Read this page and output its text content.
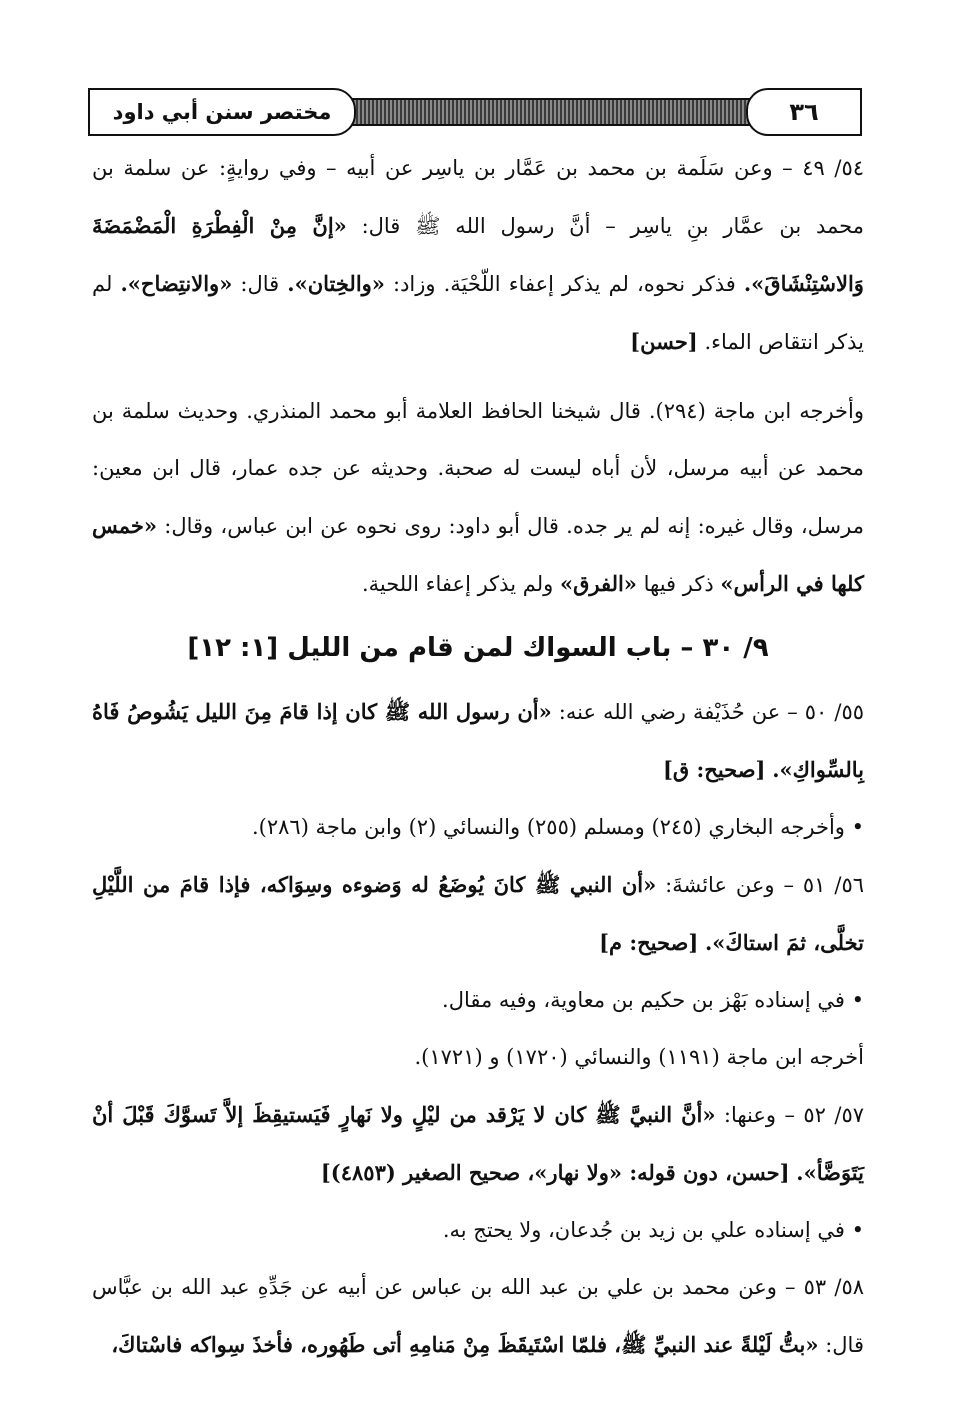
مختصر سنن أبي داود	٣٦

٥٤/ ٤٩ – وعن سَلَمة بن محمد بن عَمَّار بن ياسِر عن أبيه – وفي روايةٍ: عن سلمة بن محمد بن عمَّار بنِ ياسِر – أنَّ رسول الله ﷺ قال: «إنَّ مِنْ الْفِطْرَةِ الْمَضْمَضَةَ وَالاسْتِنْشَاقَ». فذكر نحوه، لم يذكر إعفاء اللّحْيَة. وزاد: «والخِتان». قال: «والانتِضاح». لم يذكر انتقاص الماء. [حسن]

وأخرجه ابن ماجة (٢٩٤). قال شيخنا الحافظ العلامة أبو محمد المنذري. وحديث سلمة بن محمد عن أبيه مرسل، لأن أباه ليست له صحبة. وحديثه عن جده عمار، قال ابن معين: مرسل، وقال غيره: إنه لم ير جده. قال أبو داود: روى نحوه عن ابن عباس، وقال: «خمس كلها في الرأس» ذكر فيها «الفرق» ولم يذكر إعفاء اللحية.

٩/ ٣٠ – باب السواك لمن قام من الليل [١: ١٢]

٥٥/ ٥٠ – عن حُذَيْفة رضي الله عنه: «أن رسول الله ﷺ كان إذا قامَ مِنَ الليل يَشُوصُ فَاهُ بِالسِّواكِ». [صحيح: ق]

• وأخرجه البخاري (٢٤٥) ومسلم (٢٥٥) والنسائي (٢) وابن ماجة (٢٨٦).

٥٦/ ٥١ – وعن عائشةَ: «أن النبي ﷺ كانَ يُوضَعُ له وَضوءه وسِوَاكه، فإذا قامَ من اللَّيْلِ تخلَّى، ثمَ استاكَ». [صحيح: م]

• في إسناده بَهْز بن حكيم بن معاوية، وفيه مقال.

أخرجه ابن ماجة (١١٩١) والنسائي (١٧٢٠) و (١٧٢١).

٥٧/ ٥٢ – وعنها: «أنَّ النبيَّ ﷺ كان لا يَرْقد من ليْلٍ ولا نَهارٍ فَيَستيقِظَ إلاَّ تَسوَّكَ قَبْلَ أنْ يَتَوَضَّأ». [حسن، دون قوله: «ولا نهار»، صحيح الصغير (٤٨٥٣)]

• في إسناده علي بن زيد بن جُدعان، ولا يحتج به.

٥٨/ ٥٣ – وعن محمد بن علي بن عبد الله بن عباس عن أبيه عن جَدِّهِ عبد الله بن عبَّاس قال: «بتُّ لَيْلةً عند النبيِّ ﷺ، فلمّا اسْتَيقَظَ مِنْ مَنامِهِ أتى طَهُوره، فأخذَ سِواكه فاسْتاكَ،
